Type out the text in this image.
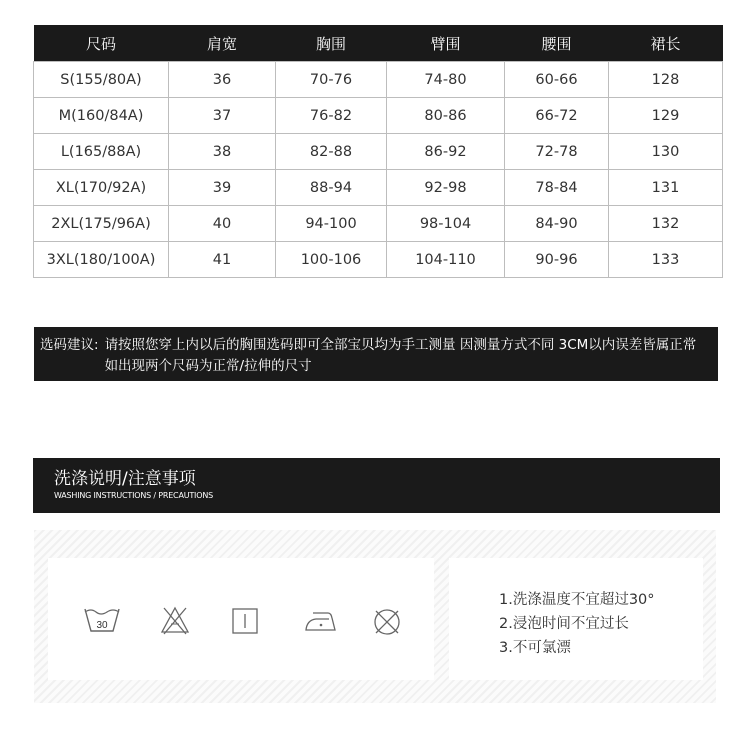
尺码	肩宽	胸围	臂围	腰围	裙长
S(155/80A)	36	70-76	74-80	60-66	128
M(160/84A)	37	76-82	80-86	66-72	129
L(165/88A)	38	82-88	86-92	72-78	130
XL(170/92A)	39	88-94	92-98	78-84	131
2XL(175/96A)	40	94-100	98-104	84-90	132
3XL(180/100A)	41	100-106	104-110	90-96	133
选码建议: 请按照您穿上内以后的胸围选码即可全部宝贝均为手工测量 因测量方式不同 3CM以内误差皆属正常 如出现两个尺码为正常/拉伸的尺寸
洗涤说明/注意事项
WASHING INSTRUCTIONS / PRECAUTIONS
30
1.洗涤温度不宜超过30°
2.浸泡时间不宜过长
3.不可氯漂
